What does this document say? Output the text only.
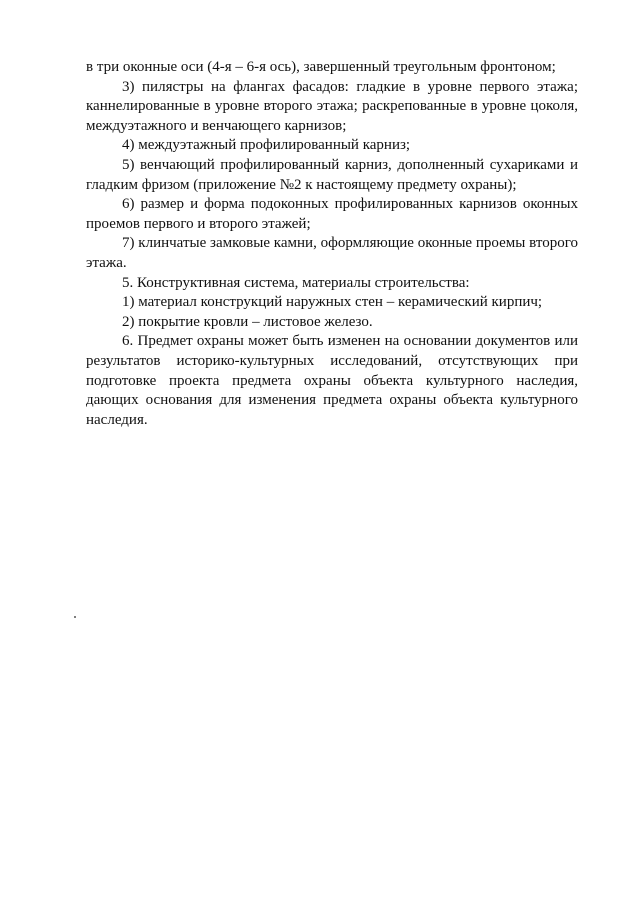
в три оконные оси (4-я – 6-я ось), завершенный треугольным фронтоном;

3) пилястры на флангах фасадов: гладкие в уровне первого этажа; каннелированные в уровне второго этажа; раскрепованные в уровне цоколя, междуэтажного и венчающего карнизов;

4) междуэтажный профилированный карниз;

5) венчающий профилированный карниз, дополненный сухариками и гладким фризом (приложение №2 к настоящему предмету охраны);

6) размер и форма подоконных профилированных карнизов оконных проемов первого и второго этажей;

7) клинчатые замковые камни, оформляющие оконные проемы второго этажа.

5. Конструктивная система, материалы строительства:

1) материал конструкций наружных стен – керамический кирпич;

2) покрытие кровли – листовое железо.

6. Предмет охраны может быть изменен на основании документов или результатов историко-культурных исследований, отсутствующих при подготовке проекта предмета охраны объекта культурного наследия, дающих основания для изменения предмета охраны объекта культурного наследия.
